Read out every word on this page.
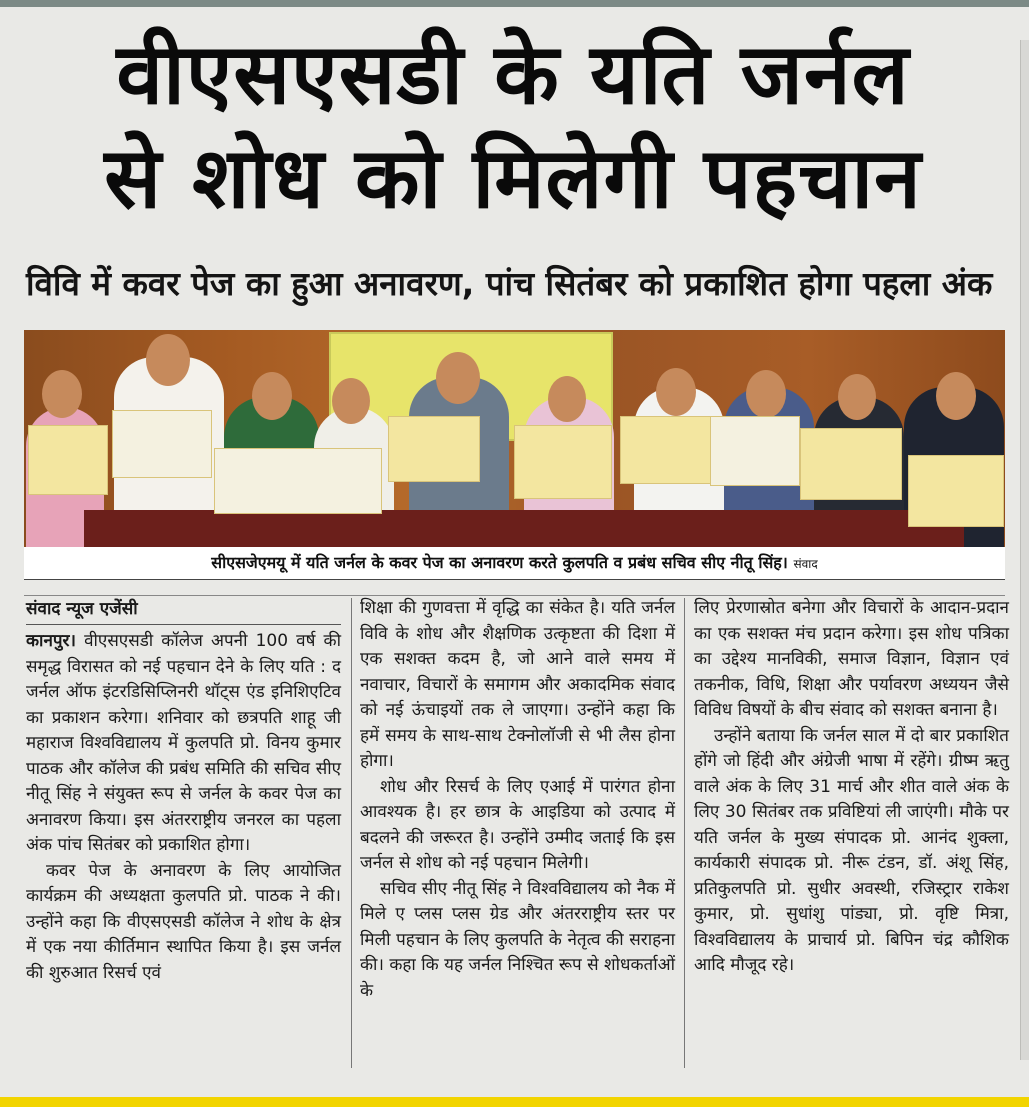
वीएसएसडी के यति जर्नल
से शोध को मिलेगी पहचान
विवि में कवर पेज का हुआ अनावरण, पांच सितंबर को प्रकाशित होगा पहला अंक
सीएसजेएमयू में यति जर्नल के कवर पेज का अनावरण करते कुलपति व प्रबंध सचिव सीए नीतू सिंह। संवाद
संवाद न्यूज एजेंसी

कानपुर। वीएसएसडी कॉलेज अपनी 100 वर्ष की समृद्ध विरासत को नई पहचान देने के लिए यति : द जर्नल ऑफ इंटरडिसिप्लिनरी थॉट्स एंड इनिशिएटिव का प्रकाशन करेगा। शनिवार को छत्रपति शाहू जी महाराज विश्वविद्यालय में कुलपति प्रो. विनय कुमार पाठक और कॉलेज की प्रबंध समिति की सचिव सीए नीतू सिंह ने संयुक्त रूप से जर्नल के कवर पेज का अनावरण किया। इस अंतरराष्ट्रीय जनरल का पहला अंक पांच सितंबर को प्रकाशित होगा।

कवर पेज के अनावरण के लिए आयोजित कार्यक्रम की अध्यक्षता कुलपति प्रो. पाठक ने की। उन्होंने कहा कि वीएसएसडी कॉलेज ने शोध के क्षेत्र में एक नया कीर्तिमान स्थापित किया है। इस जर्नल की शुरुआत रिसर्च एवं

शिक्षा की गुणवत्ता में वृद्धि का संकेत है। यति जर्नल विवि के शोध और शैक्षणिक उत्कृष्टता की दिशा में एक सशक्त कदम है, जो आने वाले समय में नवाचार, विचारों के समागम और अकादमिक संवाद को नई ऊंचाइयों तक ले जाएगा। उन्होंने कहा कि हमें समय के साथ-साथ टेक्नोलॉजी से भी लैस होना होगा।

शोध और रिसर्च के लिए एआई में पारंगत होना आवश्यक है। हर छात्र के आइडिया को उत्पाद में बदलने की जरूरत है। उन्होंने उम्मीद जताई कि इस जर्नल से शोध को नई पहचान मिलेगी।

सचिव सीए नीतू सिंह ने विश्वविद्यालय को नैक में मिले ए प्लस प्लस ग्रेड और अंतरराष्ट्रीय स्तर पर मिली पहचान के लिए कुलपति के नेतृत्व की सराहना की। कहा कि यह जर्नल निश्चित रूप से शोधकर्ताओं के

लिए प्रेरणास्रोत बनेगा और विचारों के आदान-प्रदान का एक सशक्त मंच प्रदान करेगा। इस शोध पत्रिका का उद्देश्य मानविकी, समाज विज्ञान, विज्ञान एवं तकनीक, विधि, शिक्षा और पर्यावरण अध्ययन जैसे विविध विषयों के बीच संवाद को सशक्त बनाना है।

उन्होंने बताया कि जर्नल साल में दो बार प्रकाशित होंगे जो हिंदी और अंग्रेजी भाषा में रहेंगे। ग्रीष्म ऋतु वाले अंक के लिए 31 मार्च और शीत वाले अंक के लिए 30 सितंबर तक प्रविष्टियां ली जाएंगी। मौके पर यति जर्नल के मुख्य संपादक प्रो. आनंद शुक्ला, कार्यकारी संपादक प्रो. नीरू टंडन, डॉ. अंशू सिंह, प्रतिकुलपति प्रो. सुधीर अवस्थी, रजिस्ट्रार राकेश कुमार, प्रो. सुधांशु पांड्या, प्रो. वृष्टि मित्रा, विश्वविद्यालय के प्राचार्य प्रो. बिपिन चंद्र कौशिक आदि मौजूद रहे।
